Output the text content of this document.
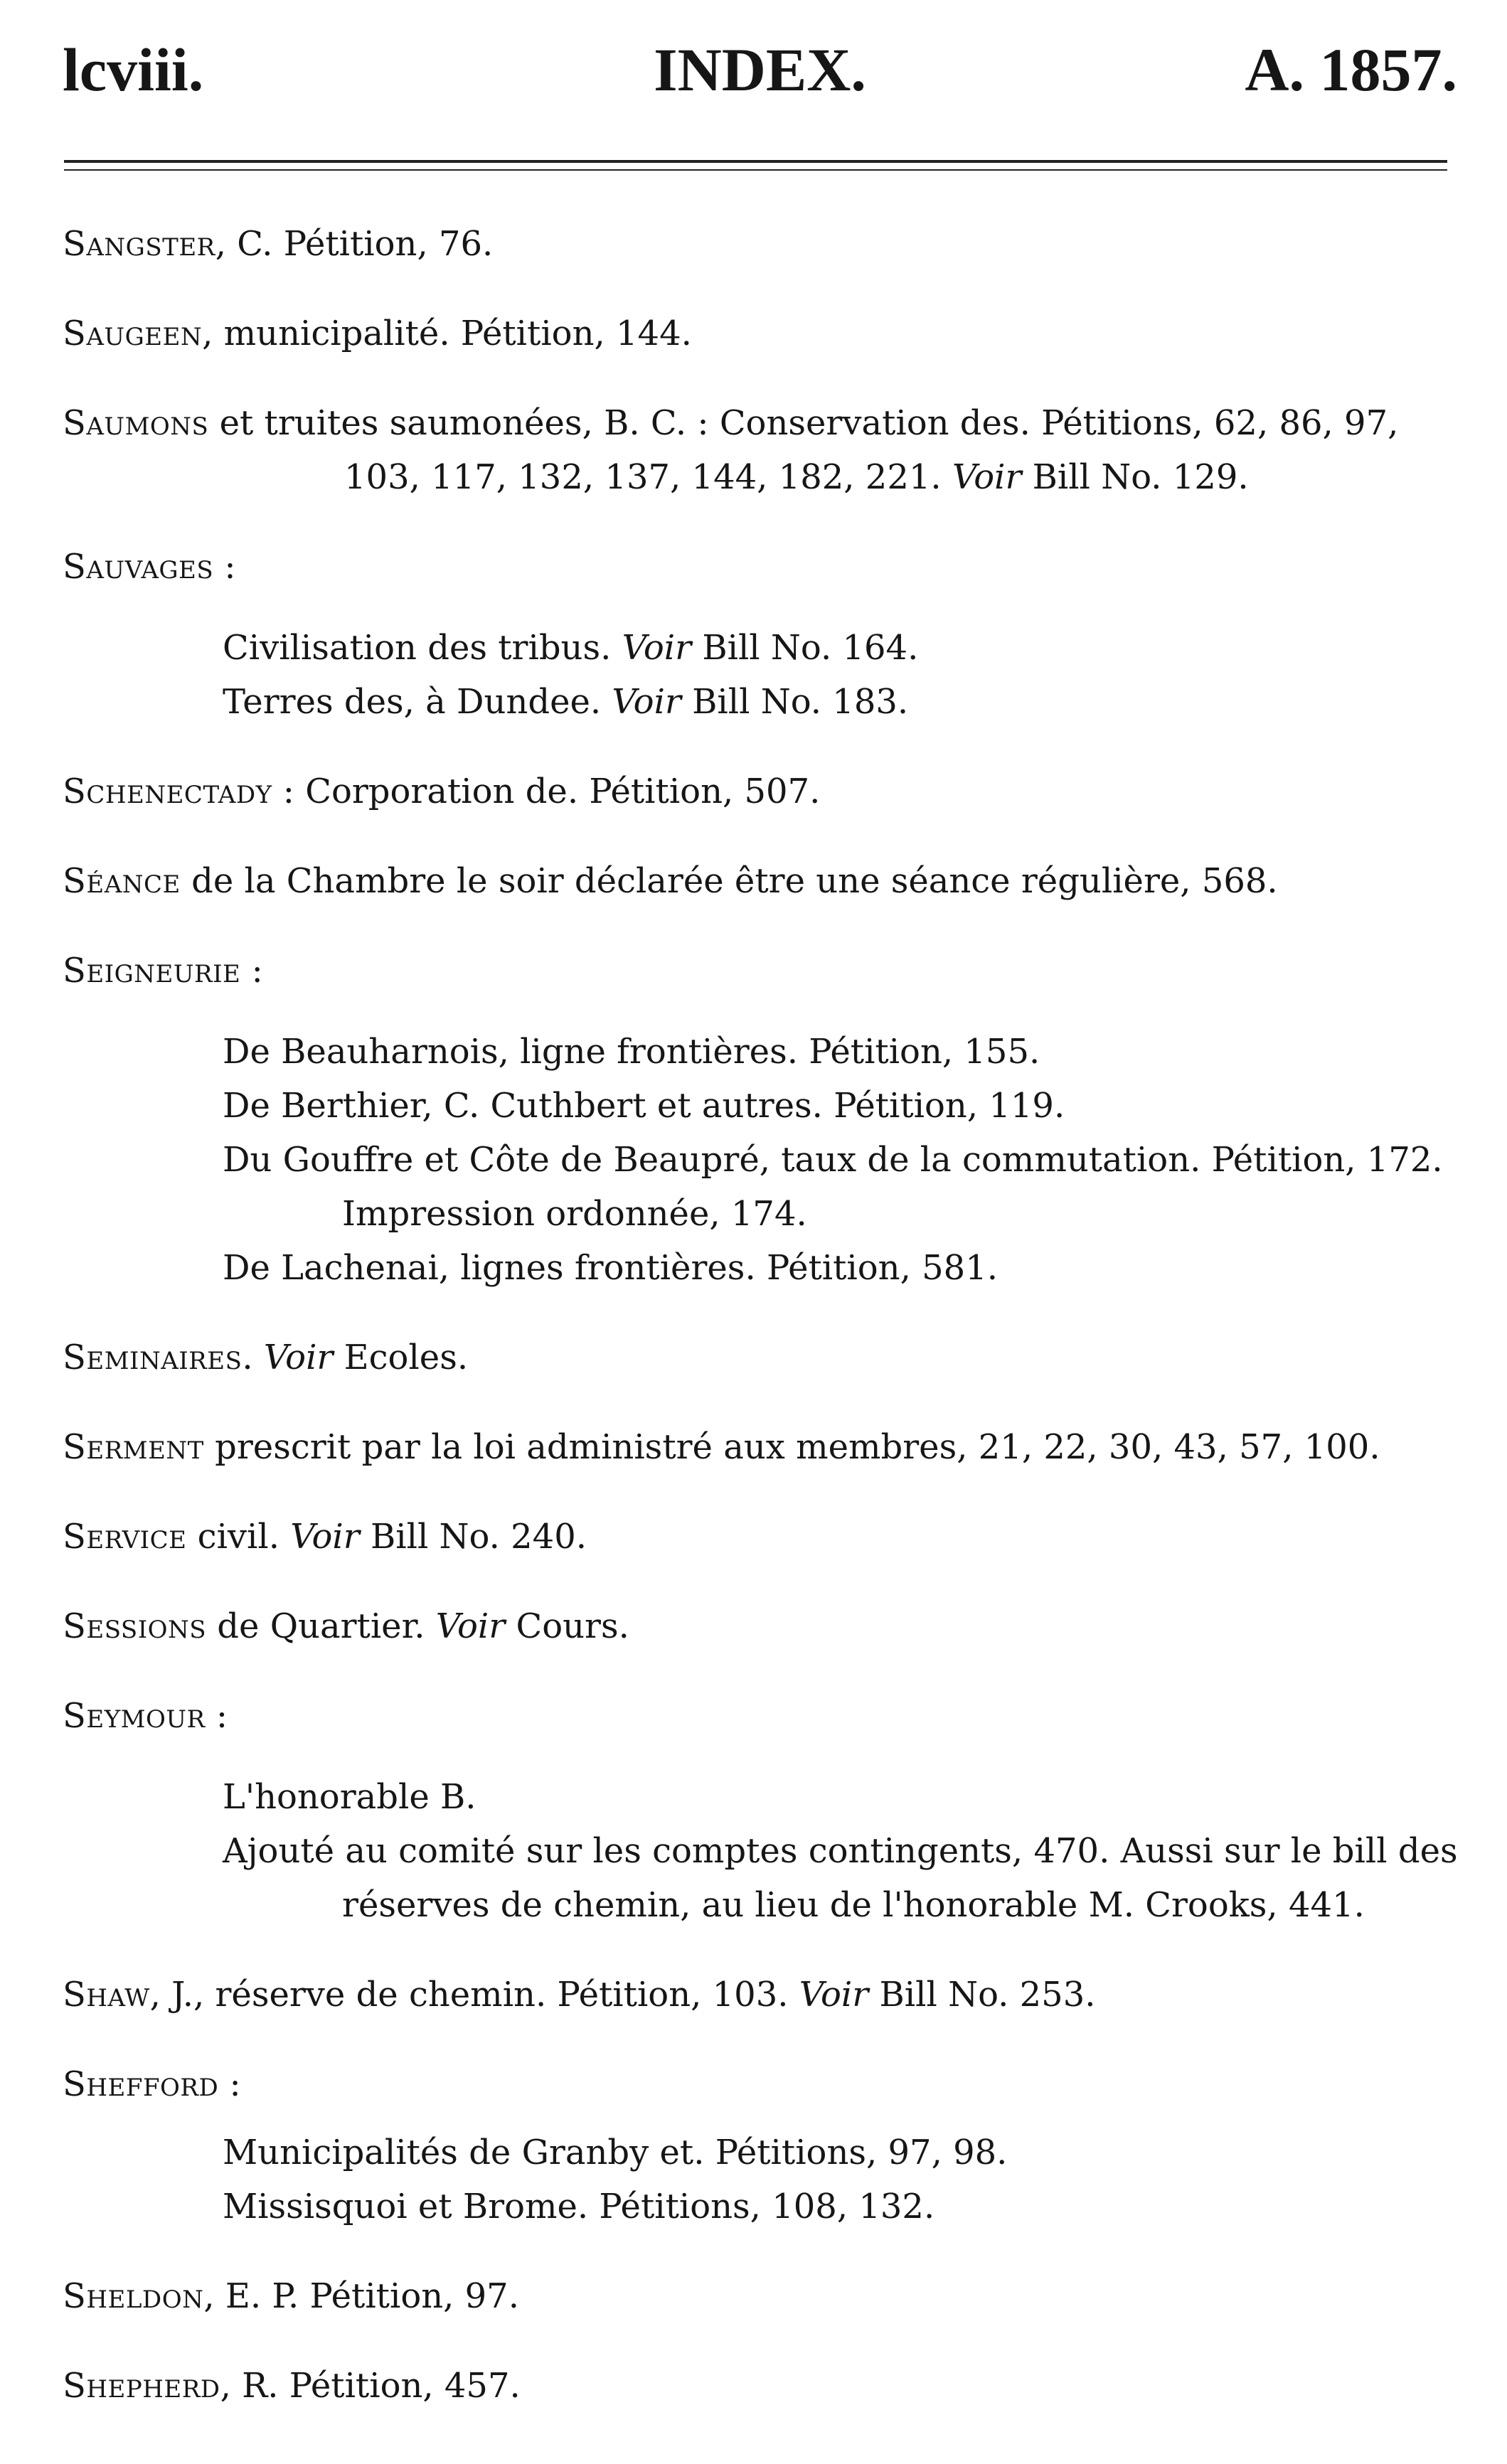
lcviii.	INDEX.	A. 1857.
Sangster, C. Pétition, 76.
Saugeen, municipalité. Pétition, 144.
Saumons et truites saumonées, B. C. : Conservation des. Pétitions, 62, 86, 97,
103, 117, 132, 137, 144, 182, 221. Voir Bill No. 129.
Sauvages :
Civilisation des tribus. Voir Bill No. 164.
Terres des, à Dundee. Voir Bill No. 183.
Schenectady : Corporation de. Pétition, 507.
Séance de la Chambre le soir déclarée être une séance régulière, 568.
Seigneurie :
De Beauharnois, ligne frontières. Pétition, 155.
De Berthier, C. Cuthbert et autres. Pétition, 119.
Du Gouffre et Côte de Beaupré, taux de la commutation. Pétition, 172.
Impression ordonnée, 174.
De Lachenai, lignes frontières. Pétition, 581.
Seminaires. Voir Ecoles.
Serment prescrit par la loi administré aux membres, 21, 22, 30, 43, 57, 100.
Service civil. Voir Bill No. 240.
Sessions de Quartier. Voir Cours.
Seymour :
L'honorable B.
Ajouté au comité sur les comptes contingents, 470. Aussi sur le bill des
réserves de chemin, au lieu de l'honorable M. Crooks, 441.
Shaw, J., réserve de chemin. Pétition, 103. Voir Bill No. 253.
Shefford :
Municipalités de Granby et. Pétitions, 97, 98.
Missisquoi et Brome. Pétitions, 108, 132.
Sheldon, E. P. Pétition, 97.
Shepherd, R. Pétition, 457.
